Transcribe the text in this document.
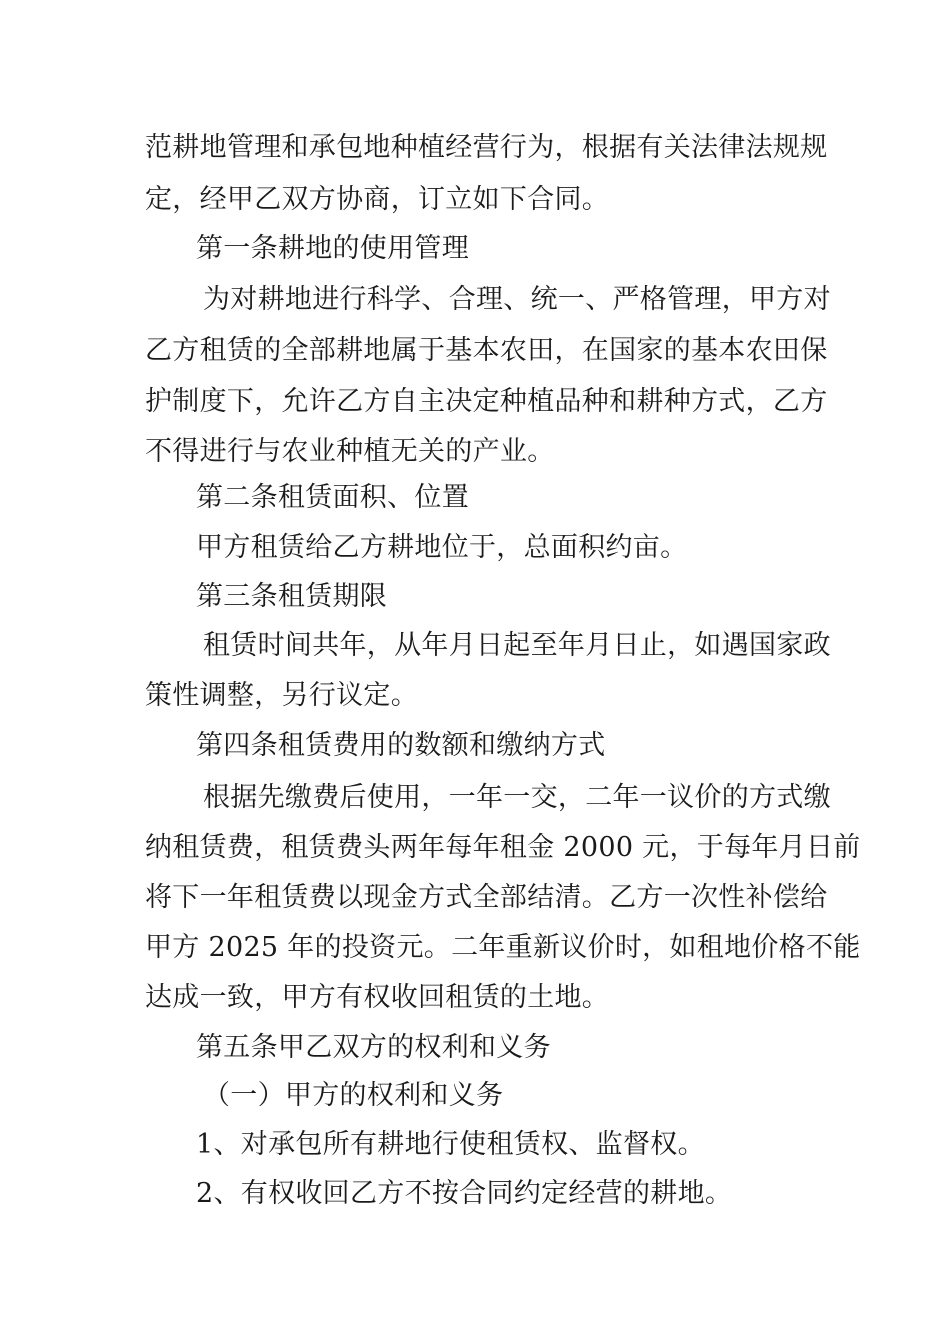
范耕地管理和承包地种植经营行为，根据有关法律法规规
定，经甲乙双方协商，订立如下合同。
第一条耕地的使用管理
为对耕地进行科学、合理、统一、严格管理，甲方对
乙方租赁的全部耕地属于基本农田，在国家的基本农田保
护制度下，允许乙方自主决定种植品种和耕种方式，乙方
不得进行与农业种植无关的产业。
第二条租赁面积、位置
甲方租赁给乙方耕地位于，总面积约亩。
第三条租赁期限
租赁时间共年，从年月日起至年月日止，如遇国家政
策性调整，另行议定。
第四条租赁费用的数额和缴纳方式
根据先缴费后使用，一年一交，二年一议价的方式缴
纳租赁费，租赁费头两年每年租金 2000 元，于每年月日前
将下一年租赁费以现金方式全部结清。乙方一次性补偿给
甲方 2025 年的投资元。二年重新议价时，如租地价格不能
达成一致，甲方有权收回租赁的土地。
第五条甲乙双方的权利和义务
（一）甲方的权利和义务
1、对承包所有耕地行使租赁权、监督权。
2、有权收回乙方不按合同约定经营的耕地。
